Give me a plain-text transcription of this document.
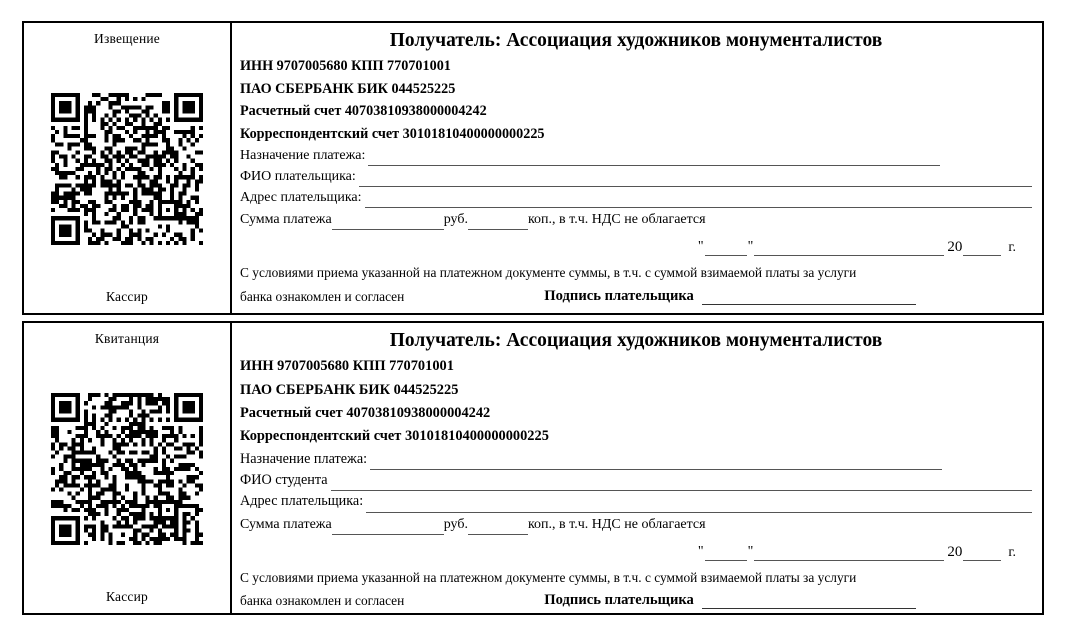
Извещение
Кассир
Получатель: Ассоциация художников монументалистов
ИНН 9707005680 КПП 770701001
ПАО СБЕРБАНК БИК 044525225
Расчетный счет 40703810938000004242
Корреспондентский счет 30101810400000000225
Назначение платежа:
ФИО плательщика:
Адрес плательщика:
Сумма платежа	руб.	коп., в т.ч. НДС не облагается
"	"	20	г.
С условиями приема указанной на платежном документе суммы, в т.ч. с суммой взимаемой платы за услуги
банка ознакомлен и согласен	Подпись плательщика
Квитанция
Кассир
Получатель: Ассоциация художников монументалистов
ИНН 9707005680 КПП 770701001
ПАО СБЕРБАНК БИК 044525225
Расчетный счет 40703810938000004242
Корреспондентский счет 30101810400000000225
Назначение платежа:
ФИО студента
Адрес плательщика:
Сумма платежа	руб.	коп., в т.ч. НДС не облагается
"	"	20	г.
С условиями приема указанной на платежном документе суммы, в т.ч. с суммой взимаемой платы за услуги
банка ознакомлен и согласен	Подпись плательщика
